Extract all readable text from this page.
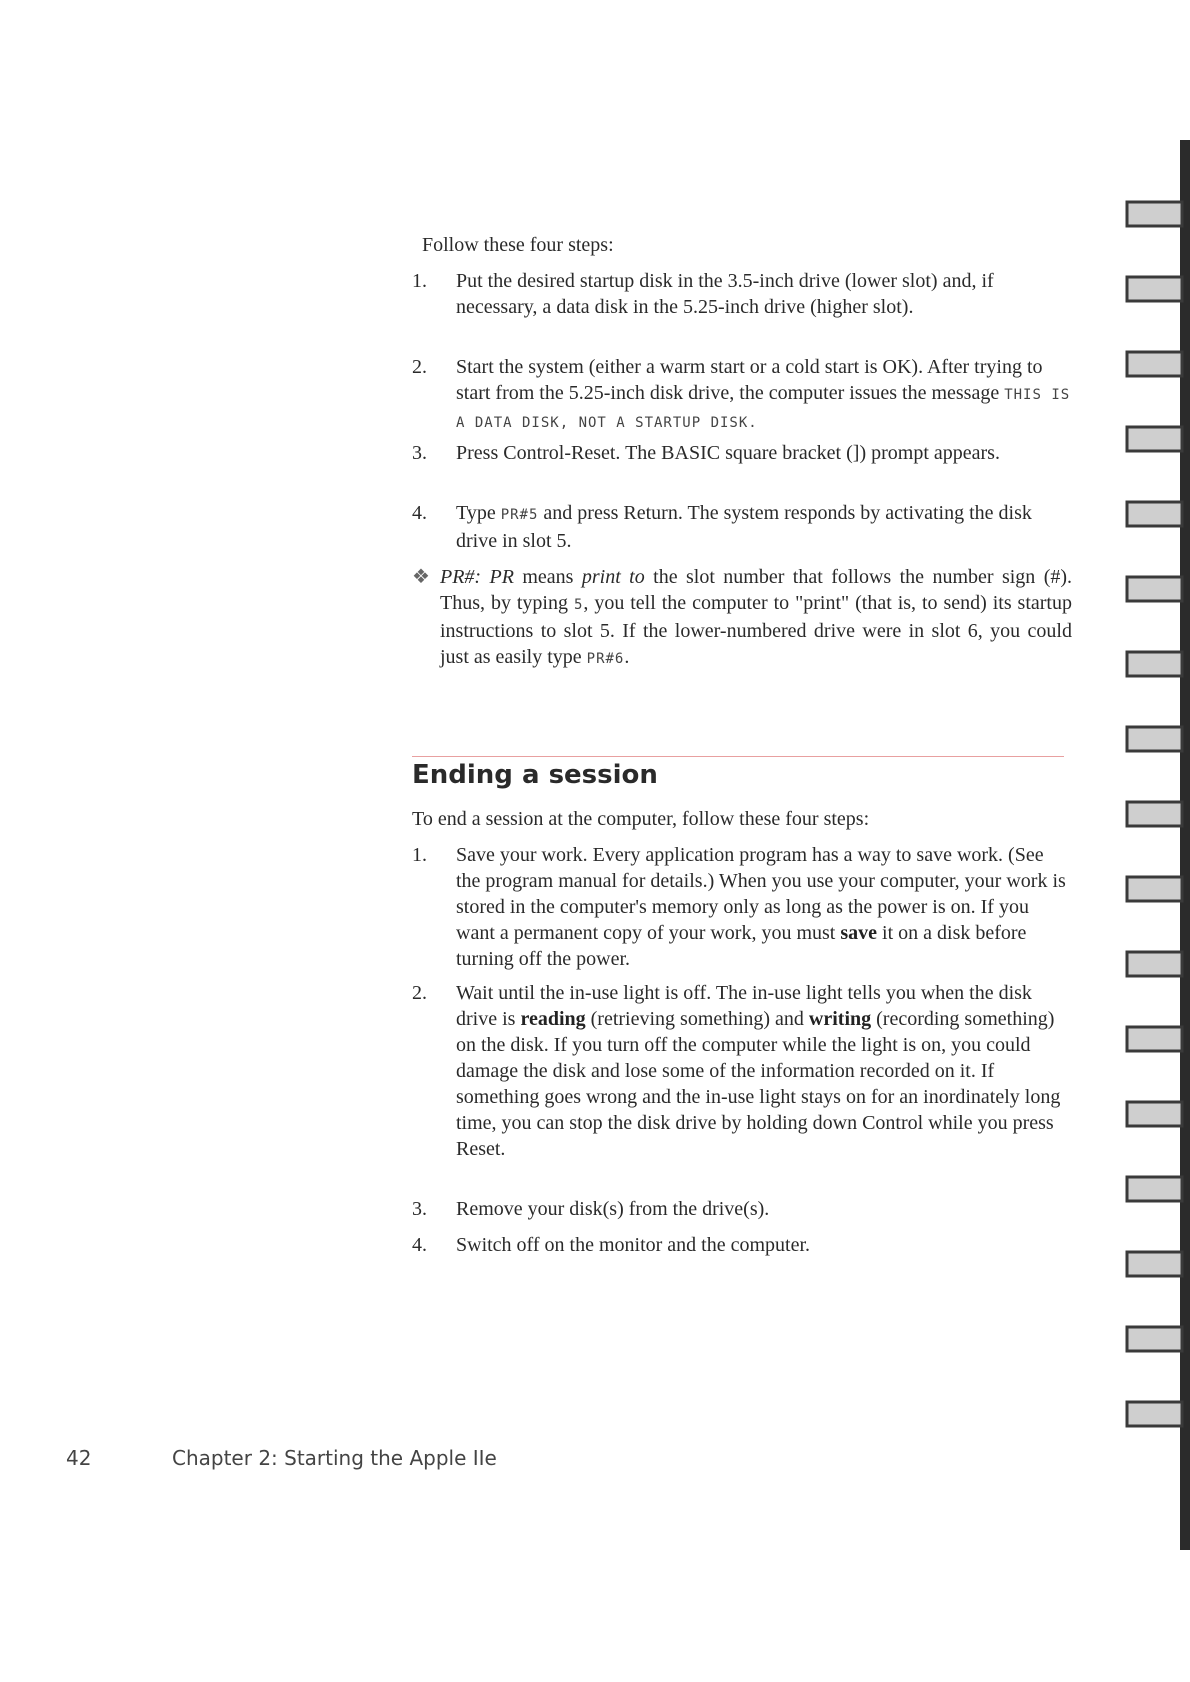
Follow these four steps:

1. Put the desired startup disk in the 3.5-inch drive (lower slot) and, if necessary, a data disk in the 5.25-inch drive (higher slot).
2. Start the system (either a warm start or a cold start is OK). After trying to start from the 5.25-inch disk drive, the computer issues the message THIS IS A DATA DISK, NOT A STARTUP DISK.
3. Press Control-Reset. The BASIC square bracket (]) prompt appears.
4. Type PR#5 and press Return. The system responds by activating the disk drive in slot 5.
❖ PR#: PR means print to the slot number that follows the number sign (#). Thus, by typing 5, you tell the computer to "print" (that is, to send) its startup instructions to slot 5. If the lower-numbered drive were in slot 6, you could just as easily type PR#6.
Ending a session

To end a session at the computer, follow these four steps:

1. Save your work. Every application program has a way to save work. (See the program manual for details.) When you use your computer, your work is stored in the computer's memory only as long as the power is on. If you want a permanent copy of your work, you must save it on a disk before turning off the power.
2. Wait until the in-use light is off. The in-use light tells you when the disk drive is reading (retrieving something) and writing (recording something) on the disk. If you turn off the computer while the light is on, you could damage the disk and lose some of the information recorded on it. If something goes wrong and the in-use light stays on for an inordinately long time, you can stop the disk drive by holding down Control while you press Reset.
3. Remove your disk(s) from the drive(s).
4. Switch off on the monitor and the computer.
42	Chapter 2: Starting the Apple IIe
